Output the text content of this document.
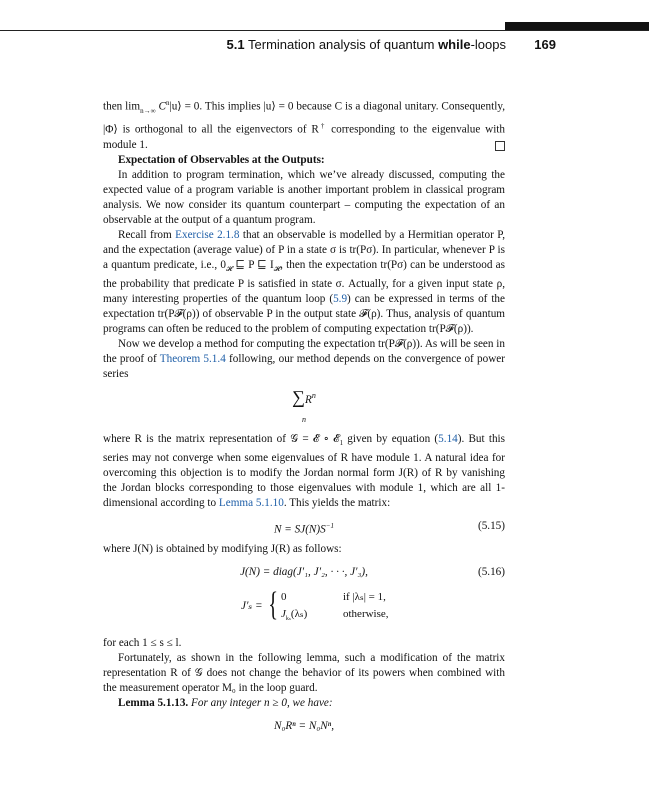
5.1 Termination analysis of quantum while-loops 169

then $\lim_{n\to\infty}$ $C^n|u⟩ = 0$. This implies |u⟩ = 0 because C is a diagonal unitary. Consequently, |Φ⟩ is orthogonal to all the eigenvectors of R† corresponding to the eigenvalue with module 1.

Expectation of Observables at the Outputs:

In addition to program termination, which we’ve already discussed, computing the expected value of a program variable is another important problem in classical program analysis. We now consider its quantum counterpart – computing the expectation of an observable at the output of a quantum program.

Recall from Exercise 2.1.8 that an observable is modelled by a Hermitian operator P, and the expectation (average value) of P in a state σ is tr(Pσ). In particular, whenever P is a quantum predicate, i.e., $0_𝓗$ ⊑ P ⊑ $I_𝓗$, then the expectation tr(Pσ) can be understood as the probability that predicate P is satisfied in state σ. Actually, for a given input state ρ, many interesting properties of the quantum loop (5.9) can be expressed in terms of the expectation tr(P𝓕(ρ)) of observable P in the output state 𝓕(ρ). Thus, analysis of quantum programs can often be reduced to the problem of computing expectation tr(P𝓕(ρ)).

Now we develop a method for computing the expectation tr(P𝓕(ρ)). As will be seen in the proof of Theorem 5.1.4 following, our method depends on the convergence of power series

$\sum R^n$
n

where R is the matrix representation of 𝒢 = 𝓔 ∘ 𝓔$_1$ given by equation (5.14). But this series may not converge when some eigenvalues of R have module 1. A natural idea for overcoming this objection is to modify the Jordan normal form J(R) of R by vanishing the Jordan blocks corresponding to those eigenvalues with module 1, which are all 1-dimensional according to Lemma 5.1.10. This yields the matrix:

$N = SJ(N)S^{-1}$	(5.15)

where J(N) is obtained by modifying J(R) as follows:

J(N) = diag(J′₁, J′₂, · · ·, J′₃),	(5.16)
J′ₛ = { 0
$J_{k_s}(\lambda_s)$
if |λₛ| = 1,
otherwise,

for each 1 ≤ s ≤ l.

Fortunately, as shown in the following lemma, such a modification of the matrix representation R of 𝒢 does not change the behavior of its powers when combined with the measurement operator M₀ in the loop guard.

Lemma 5.1.13. For any integer n ≥ 0, we have:

N₀Rⁿ = N₀Nⁿ,
